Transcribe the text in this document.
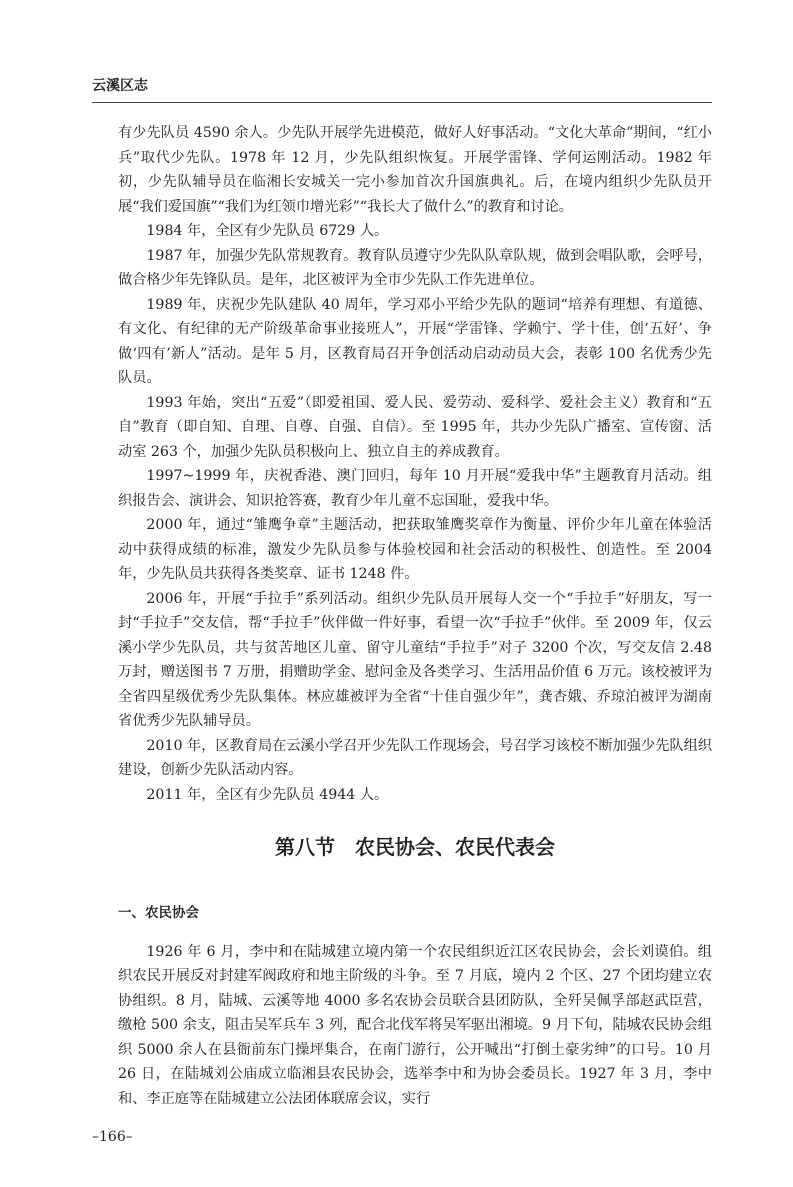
云溪区志

有少先队员 4590 余人。少先队开展学先进模范，做好人好事活动。“文化大革命”期间，“红小兵”取代少先队。1978 年 12 月，少先队组织恢复。开展学雷锋、学何运刚活动。1982 年初，少先队辅导员在临湘长安城关一完小参加首次升国旗典礼。后，在境内组织少先队员开展“我们爱国旗”“我们为红领巾增光彩”“我长大了做什么”的教育和讨论。

1984 年，全区有少先队员 6729 人。

1987 年，加强少先队常规教育。教育队员遵守少先队队章队规，做到会唱队歌，会呼号，做合格少年先锋队员。是年，北区被评为全市少先队工作先进单位。

1989 年，庆祝少先队建队 40 周年，学习邓小平给少先队的题词“培养有理想、有道德、有文化、有纪律的无产阶级革命事业接班人”，开展“学雷锋、学赖宁、学十佳，创‘五好’、争做‘四有’新人”活动。是年 5 月，区教育局召开争创活动启动动员大会，表彰 100 名优秀少先队员。

1993 年始，突出“五爱”（即爱祖国、爱人民、爱劳动、爱科学、爱社会主义）教育和“五自”教育（即自知、自理、自尊、自强、自信）。至 1995 年，共办少先队广播室、宣传窗、活动室 263 个，加强少先队员积极向上、独立自主的养成教育。

1997~1999 年，庆祝香港、澳门回归，每年 10 月开展“爱我中华”主题教育月活动。组织报告会、演讲会、知识抢答赛，教育少年儿童不忘国耻，爱我中华。

2000 年，通过“雏鹰争章”主题活动，把获取雏鹰奖章作为衡量、评价少年儿童在体验活动中获得成绩的标准，激发少先队员参与体验校园和社会活动的积极性、创造性。至 2004 年，少先队员共获得各类奖章、证书 1248 件。

2006 年，开展“手拉手”系列活动。组织少先队员开展每人交一个“手拉手”好朋友，写一封“手拉手”交友信，帮“手拉手”伙伴做一件好事，看望一次“手拉手”伙伴。至 2009 年，仅云溪小学少先队员，共与贫苦地区儿童、留守儿童结“手拉手”对子 3200 个次，写交友信 2.48 万封，赠送图书 7 万册，捐赠助学金、慰问金及各类学习、生活用品价值 6 万元。该校被评为全省四星级优秀少先队集体。林应雄被评为全省“十佳自强少年”，龚杏娥、乔琼泊被评为湖南省优秀少先队辅导员。

2010 年，区教育局在云溪小学召开少先队工作现场会，号召学习该校不断加强少先队组织建设，创新少先队活动内容。

2011 年，全区有少先队员 4944 人。

第八节　农民协会、农民代表会

一、农民协会

1926 年 6 月，李中和在陆城建立境内第一个农民组织近江区农民协会，会长刘谟伯。组织农民开展反对封建军阀政府和地主阶级的斗争。至 7 月底，境内 2 个区、27 个团均建立农协组织。8 月，陆城、云溪等地 4000 多名农协会员联合县团防队，全歼吴佩孚部赵武臣营，缴枪 500 余支，阻击吴军兵车 3 列，配合北伐军将吴军驱出湘境。9 月下旬，陆城农民协会组织 5000 余人在县衙前东门操坪集合，在南门游行，公开喊出“打倒土豪劣绅”的口号。10 月 26 日，在陆城刘公庙成立临湘县农民协会，选举李中和为协会委员长。1927 年 3 月，李中和、李正庭等在陆城建立公法团体联席会议，实行

–166–
